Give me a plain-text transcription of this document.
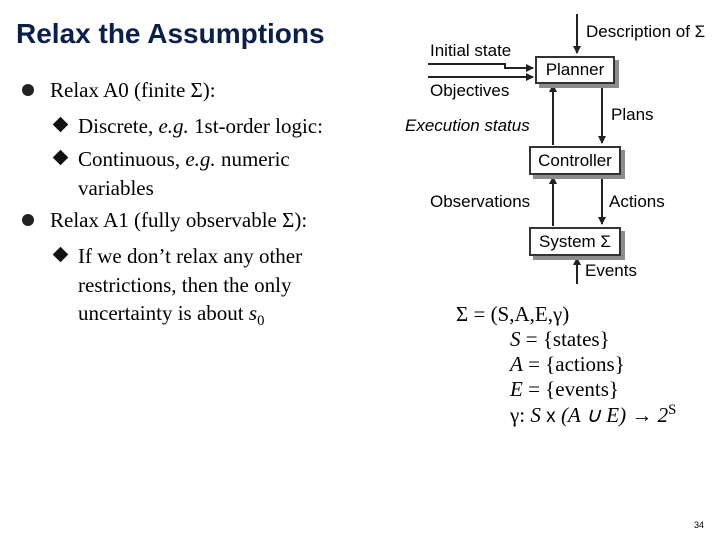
Relax the Assumptions
Relax A0 (finite Σ):
Discrete, e.g. 1st-order logic:
Continuous, e.g. numeric
variables
Relax A1 (fully observable Σ):
If we don’t relax any other
restrictions, then the only
uncertainty is about $s_0$
Description of Σ
Initial state
Objectives
Plans
Execution status
Observations	Actions
Events
Planner
Controller
System Σ
Σ = (S,A,E,γ)
S = {states}
A = {actions}
E = {events}
γ: S x (A ∪ $E) \to 2^S$
34
